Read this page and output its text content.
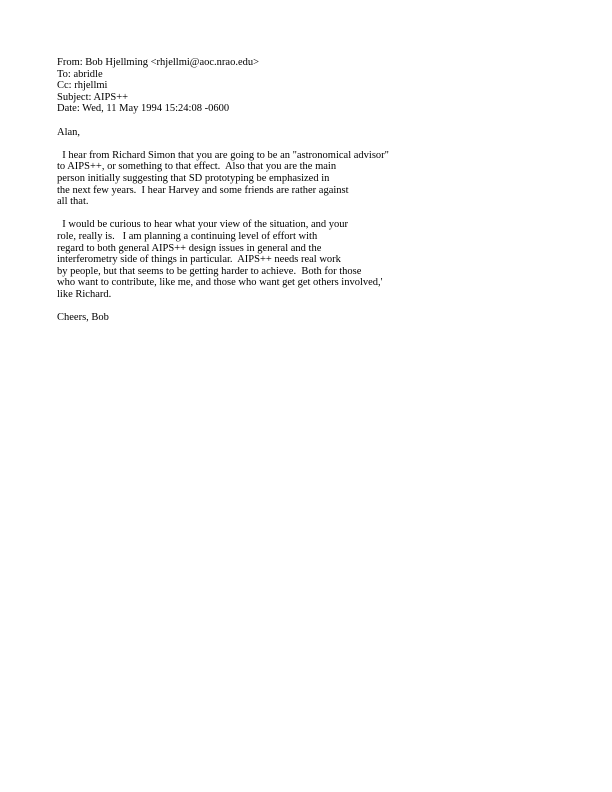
From: Bob Hjellming <rhjellmi@aoc.nrao.edu>
To: abridle
Cc: rhjellmi
Subject: AIPS++
Date: Wed, 11 May 1994 15:24:08 -0600
Alan,
I hear from Richard Simon that you are going to be an "astronomical advisor"
to AIPS++, or something to that effect.  Also that you are the main
person initially suggesting that SD prototyping be emphasized in
the next few years.  I hear Harvey and some friends are rather against
all that.
I would be curious to hear what your view of the situation, and your
role, really is.   I am planning a continuing level of effort with
regard to both general AIPS++ design issues in general and the
interferometry side of things in particular.  AIPS++ needs real work
by people, but that seems to be getting harder to achieve.  Both for those
who want to contribute, like me, and those who want get get others involved,'
like Richard.
Cheers, Bob
